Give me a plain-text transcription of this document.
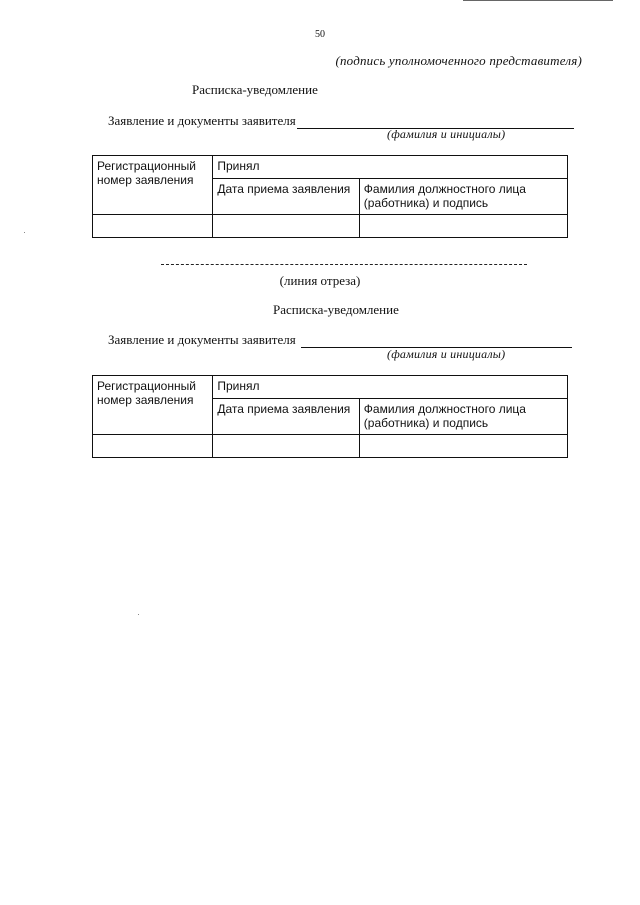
50
(подпись уполномоченного представителя)
Расписка-уведомление
Заявление и документы заявителя
(фамилия и инициалы)
Регистрационный номер заявления	Принял	
	Дата приема заявления	Фамилия должностного лица (работника) и подпись

(линия отреза)
Расписка-уведомление
Заявление и документы заявителя
(фамилия и инициалы)
Регистрационный номер заявления	Принял	
	Дата приема заявления	Фамилия должностного лица (работника) и подпись
